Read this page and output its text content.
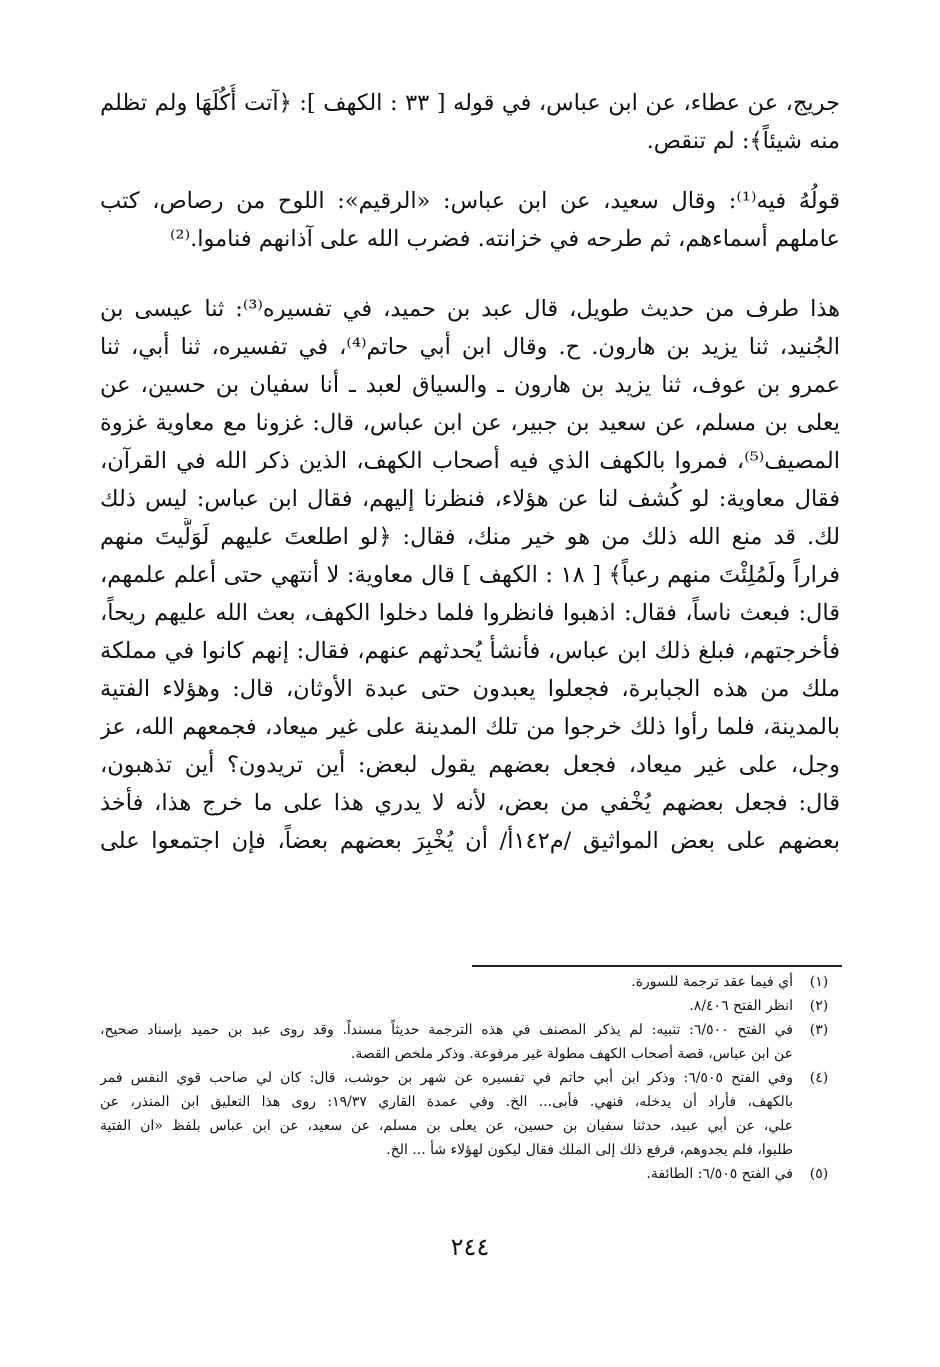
جريج، عن عطاء، عن ابن عباس، في قوله [ ٣٣ : الكهف ]: ﴿آتت أُكُلَهَا ولم تظلم
منه شيئاً﴾: لم تنقص.
قولُهُ فيه⁽¹⁾: وقال سعيد، عن ابن عباس: «الرقيم»: اللوح من رصاص، كتب
عاملهم أسماءهم، ثم طرحه في خزانته. فضرب الله على آذانهم فناموا.⁽²⁾
هذا طرف من حديث طويل، قال عبد بن حميد، في تفسيره⁽³⁾: ثنا عيسى بن
الجُنيد، ثنا يزيد بن هارون. ح. وقال ابن أبي حاتم⁽⁴⁾، في تفسيره، ثنا أبي، ثنا
عمرو بن عوف، ثنا يزيد بن هارون ـ والسياق لعبد ـ أنا سفيان بن حسين، عن
يعلى بن مسلم، عن سعيد بن جبير، عن ابن عباس، قال: غزونا مع معاوية غزوة
المصيف⁽⁵⁾، فمروا بالكهف الذي فيه أصحاب الكهف، الذين ذكر الله في القرآن،
فقال معاوية: لو كُشف لنا عن هؤلاء، فنظرنا إليهم، فقال ابن عباس: ليس ذلك
لك. قد منع الله ذلك من هو خير منك، فقال: ﴿لو اطلعتَ عليهم لَوَلَّيتَ منهم
فراراً ولَمُلِئْتَ منهم رعباً﴾ [ ١٨ : الكهف ] قال معاوية: لا أنتهي حتى أعلم علمهم،
قال: فبعث ناساً، فقال: اذهبوا فانظروا فلما دخلوا الكهف، بعث الله عليهم ريحاً،
فأخرجتهم، فبلغ ذلك ابن عباس، فأنشأ يُحدثهم عنهم، فقال: إنهم كانوا في مملكة
ملك من هذه الجبابرة، فجعلوا يعبدون حتى عبدة الأوثان، قال: وهؤلاء الفتية
بالمدينة، فلما رأوا ذلك خرجوا من تلك المدينة على غير ميعاد، فجمعهم الله، عز
وجل، على غير ميعاد، فجعل بعضهم يقول لبعض: أين تريدون؟ أين تذهبون،
قال: فجعل بعضهم يُخْفي من بعض، لأنه لا يدري هذا على ما خرج هذا، فأخذ
بعضهم على بعض المواثيق /م١٤٢أ/ أن يُخْبِرَ بعضهم بعضاً، فإن اجتمعوا على
(١)
أي فيما عقد ترجمة للسورة.
(٢)
انظر الفتح ٨/٤٠٦.
(٣)
في الفتح ٦/٥٠٠: تنبيه: لم يذكر المصنف في هذه الترجمة حديثاً مسنداً. وقد روى عبد بن حميد بإسناد صحيح،
عن ابن عباس، قصة أصحاب الكهف مطولة غير مرفوعة. وذكر ملخص القصة.
(٤)
وفي الفتح ٦/٥٠٥: وذكر ابن أبي حاتم في تفسيره عن شهر بن حوشب، قال: كان لي صاحب قوي النفس فمر
بالكهف، فأراد أن يدخله، فنهي. فأبى... الخ. وفي عمدة القاري ١٩/٣٧: روى هذا التعليق ابن المنذر، عن
علي، عن أبي عبيد، حدثنا سفيان بن حسين، عن يعلى بن مسلم، عن سعيد، عن ابن عباس بلفظ «ان الفتية
طلبوا، فلم يجدوهم، فرفع ذلك إلى الملك فقال ليكون لهؤلاء شأ ... الخ.
(٥)
في الفتح ٦/٥٠٥: الطائفة.
٢٤٤
